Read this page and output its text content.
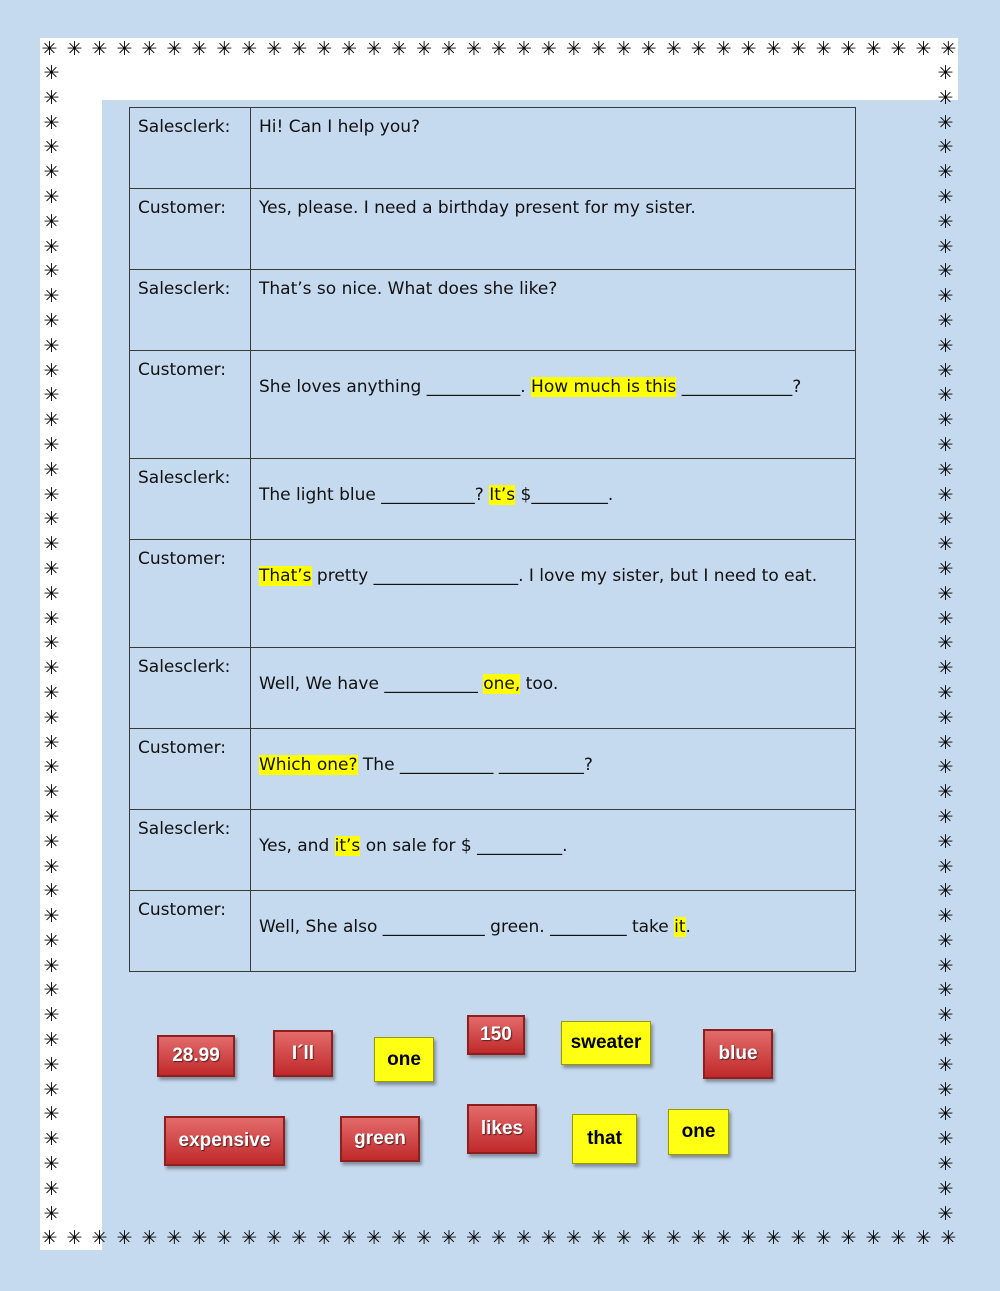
✳ ✳ ✳ ✳ ✳ ✳ ✳ ✳ ✳ ✳ ✳ ✳ ✳ ✳ ✳ ✳ ✳ ✳ ✳ ✳ ✳ ✳ ✳ ✳ ✳ ✳ ✳ ✳ ✳ ✳ ✳ ✳ ✳ ✳ ✳ ✳ ✳
✳ ✳ ✳ ✳ ✳ ✳ ✳ ✳ ✳ ✳ ✳ ✳ ✳ ✳ ✳ ✳ ✳ ✳ ✳ ✳ ✳ ✳ ✳ ✳ ✳ ✳ ✳ ✳ ✳ ✳ ✳ ✳ ✳ ✳ ✳ ✳ ✳
✳
✳
✳
✳
✳
✳
✳
✳
✳
✳
✳
✳
✳
✳
✳
✳
✳
✳
✳
✳
✳
✳
✳
✳
✳
✳
✳
✳
✳
✳
✳
✳
✳
✳
✳
✳
✳
✳
✳
✳
✳
✳
✳
✳
✳
✳
✳
✳
✳
✳
✳
✳
✳
✳
✳
✳
✳
✳
✳
✳
✳
✳
✳
✳
✳
✳
✳
✳
✳
✳
✳
✳
✳
✳
✳
✳
✳
✳
✳
✳
✳
✳
✳
✳
✳
✳
✳
✳
✳
✳
✳
✳
✳
✳
Salesclerk:	Hi! Can I help you?
Customer:	Yes, please. I need a birthday present for my sister.
Salesclerk:	That’s so nice. What does she like?
Customer:	She loves anything ___________. How much is this _____________?
Salesclerk:	The light blue ___________? It’s $_________.
Customer:	That’s pretty _________________. I love my sister, but I need to eat.
Salesclerk:	Well, We have ___________ one, too.
Customer:	Which one? The ___________ __________?
Salesclerk:	Yes, and it’s on sale for $ __________.
Customer:	Well, She also ____________ green. _________ take it.
28.99	I´ll	one
150	sweater
blue
expensive	green	likes	that	one
